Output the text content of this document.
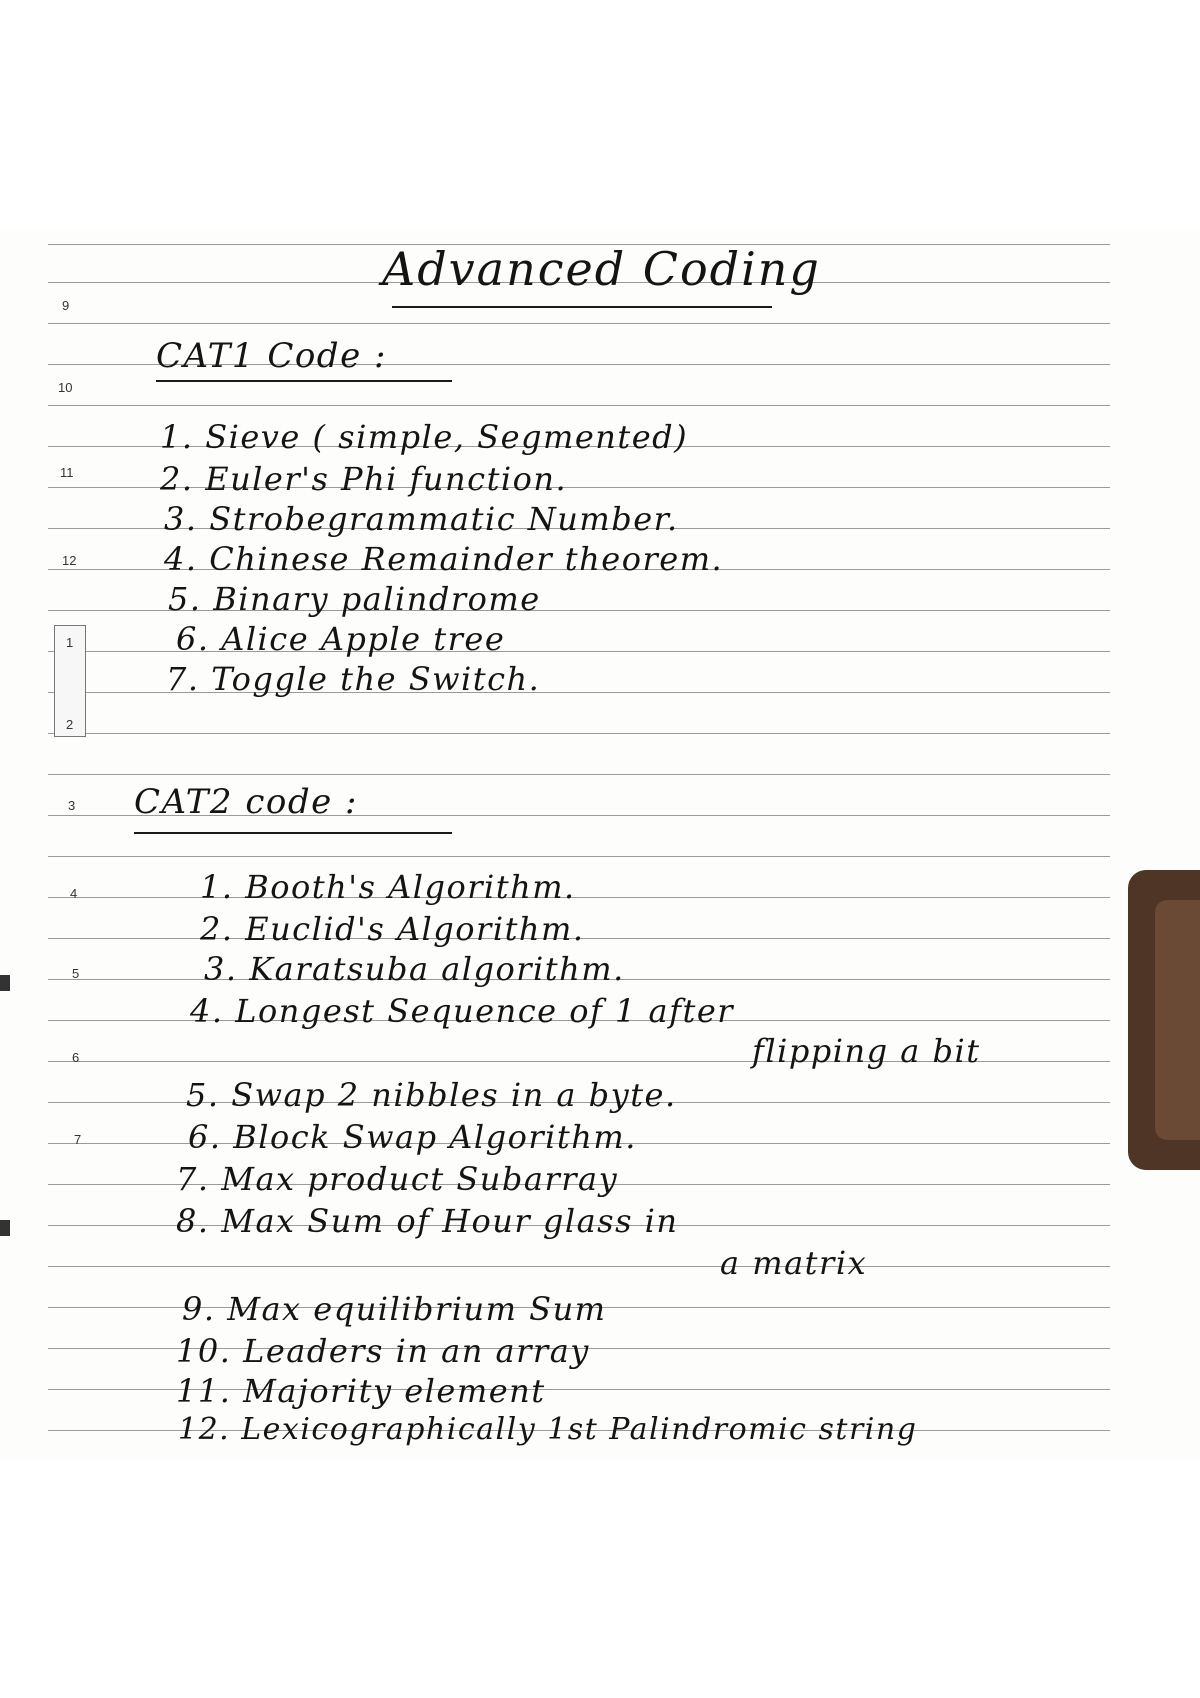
9
10
11
12
1
2
3
4
5
6
7
Advanced Coding
CAT1 Code :
1. Sieve ( simple, Segmented)
2. Euler's Phi function.
3. Strobegrammatic Number.
4. Chinese Remainder theorem.
5. Binary palindrome
6. Alice Apple tree
7. Toggle the Switch.
CAT2 code :
1. Booth's Algorithm.
2. Euclid's Algorithm.
3. Karatsuba algorithm.
4. Longest Sequence of 1 after
flipping a bit
5. Swap 2 nibbles in a byte.
6. Block Swap Algorithm.
7. Max product Subarray
8. Max Sum of Hour glass in
a matrix
9. Max equilibrium Sum
10. Leaders in an array
11. Majority element
12. Lexicographically 1st Palindromic string
